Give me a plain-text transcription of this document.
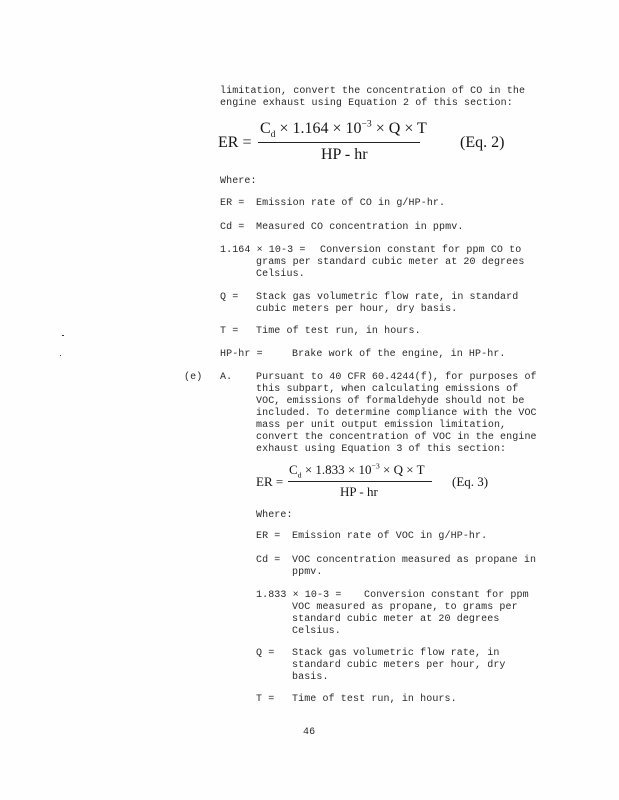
limitation, convert the concentration of CO in the
engine exhaust using Equation 2 of this section:
ER =
$C_d \times 1.164 \times 10^{-3} \times Q \times T$
HP - hr
(Eq. 2)
Where:
ER = Emission rate of CO in g/HP-hr.
Cd = Measured CO concentration in ppmv.
1.164 × 10-3 = Conversion constant for ppm CO to
grams per standard cubic meter at 20 degrees
Celsius.
Q = Stack gas volumetric flow rate, in standard
cubic meters per hour, dry basis.
T = Time of test run, in hours.
HP-hr =	Brake work of the engine, in HP-hr.
(e) A. Pursuant to 40 CFR 60.4244(f), for purposes of
this subpart, when calculating emissions of
VOC, emissions of formaldehyde should not be
included. To determine compliance with the VOC
mass per unit output emission limitation,
convert the concentration of VOC in the engine
exhaust using Equation 3 of this section:
ER =
$C_d \times 1.833 \times 10^{-3} \times Q \times T$
HP - hr
(Eq. 3)
Where:
ER = Emission rate of VOC in g/HP-hr.
Cd = VOC concentration measured as propane in
ppmv.
1.833 × 10-3 = Conversion constant for ppm
VOC measured as propane, to grams per
standard cubic meter at 20 degrees
Celsius.
Q = Stack gas volumetric flow rate, in
standard cubic meters per hour, dry
basis.
T = Time of test run, in hours.
46
